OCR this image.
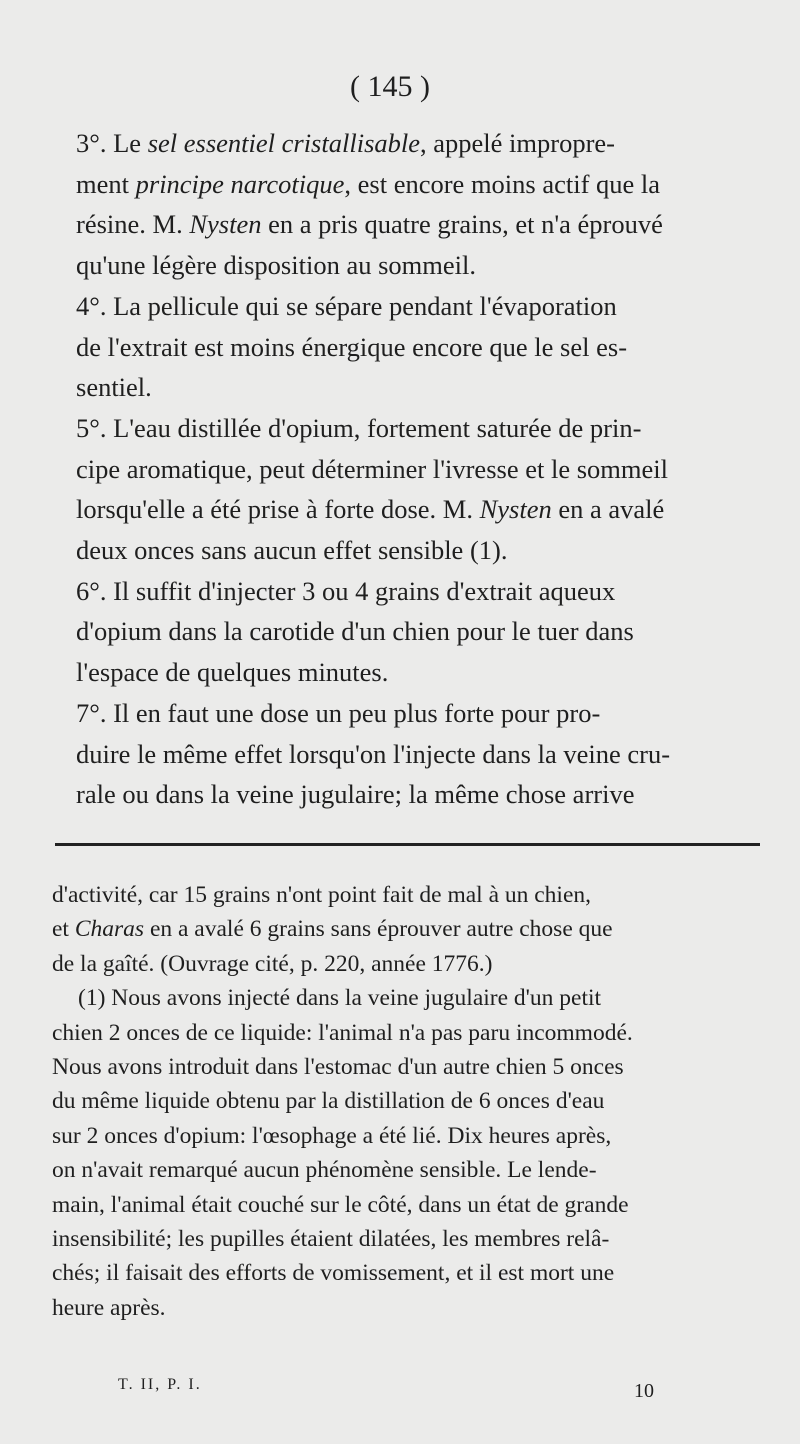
( 145 )

3°. Le sel essentiel cristallisable, appelé impropre-
ment principe narcotique, est encore moins actif que la
résine. M. Nysten en a pris quatre grains, et n'a éprouvé
qu'une légère disposition au sommeil.

4°. La pellicule qui se sépare pendant l'évaporation
de l'extrait est moins énergique encore que le sel es-
sentiel.

5°. L'eau distillée d'opium, fortement saturée de prin-
cipe aromatique, peut déterminer l'ivresse et le sommeil
lorsqu'elle a été prise à forte dose. M. Nysten en a avalé
deux onces sans aucun effet sensible (1).

6°. Il suffit d'injecter 3 ou 4 grains d'extrait aqueux
d'opium dans la carotide d'un chien pour le tuer dans
l'espace de quelques minutes.

7°. Il en faut une dose un peu plus forte pour pro-
duire le même effet lorsqu'on l'injecte dans la veine cru-
rale ou dans la veine jugulaire; la même chose arrive

d'activité, car 15 grains n'ont point fait de mal à un chien,
et Charas en a avalé 6 grains sans éprouver autre chose que
de la gaîté. (Ouvrage cité, p. 220, année 1776.)

(1) Nous avons injecté dans la veine jugulaire d'un petit
chien 2 onces de ce liquide: l'animal n'a pas paru incommodé.
Nous avons introduit dans l'estomac d'un autre chien 5 onces
du même liquide obtenu par la distillation de 6 onces d'eau
sur 2 onces d'opium: l'œsophage a été lié. Dix heures après,
on n'avait remarqué aucun phénomène sensible. Le lende-
main, l'animal était couché sur le côté, dans un état de grande
insensibilité; les pupilles étaient dilatées, les membres relâ-
chés; il faisait des efforts de vomissement, et il est mort une
heure après.

T. II, P. I.	10
